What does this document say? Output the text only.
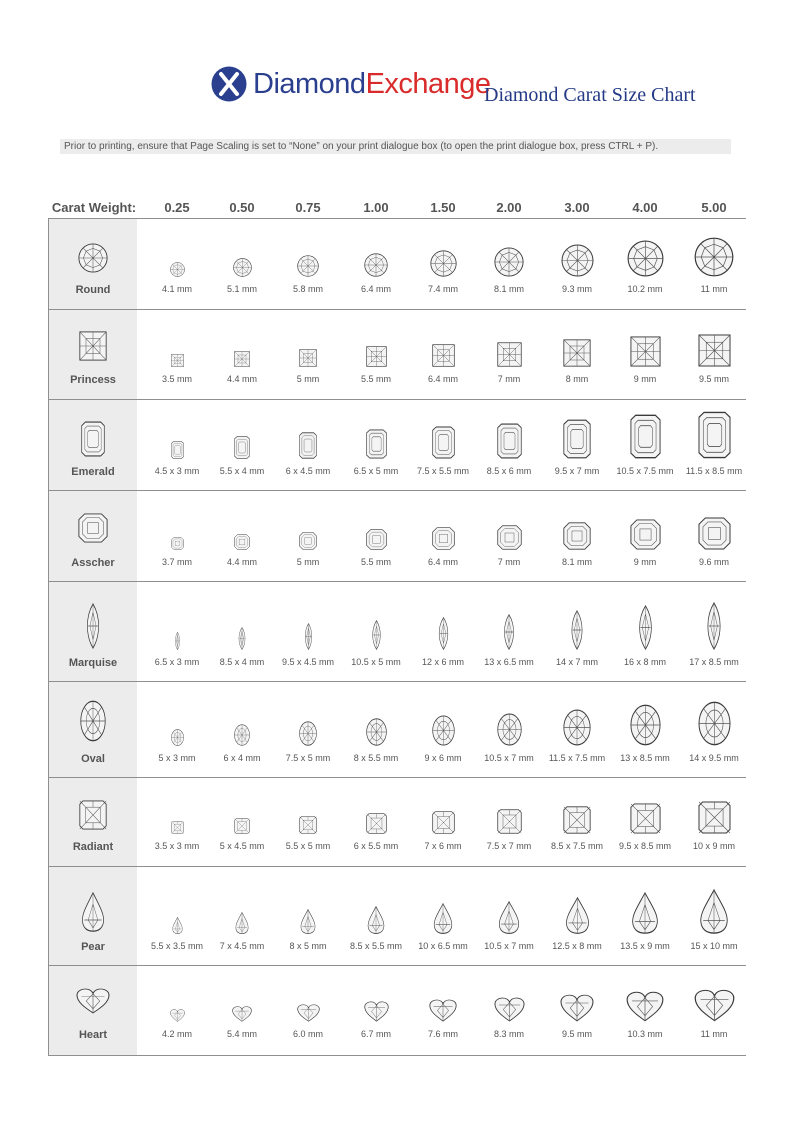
DiamondExchange
Diamond Carat Size Chart
Prior to printing, ensure that Page Scaling is set to “None” on your print dialogue box (to open the print dialogue box, press CTRL + P).
Carat Weight:	0.25	0.50	0.75	1.00	1.50	2.00	3.00	4.00	5.00
Round	4.1 mm	5.1 mm	5.8 mm	6.4 mm	7.4 mm	8.1 mm	9.3 mm	10.2 mm	11 mm
Princess	3.5 mm	4.4 mm	5 mm	5.5 mm	6.4 mm	7 mm	8 mm	9 mm	9.5 mm
Emerald	4.5 x 3 mm	5.5 x 4 mm	6 x 4.5 mm	6.5 x 5 mm	7.5 x 5.5 mm	8.5 x 6 mm	9.5 x 7 mm	10.5 x 7.5 mm	11.5 x 8.5 mm
Asscher	3.7 mm	4.4 mm	5 mm	5.5 mm	6.4 mm	7 mm	8.1 mm	9 mm	9.6 mm
Marquise	6.5 x 3 mm	8.5 x 4 mm	9.5 x 4.5 mm	10.5 x 5 mm	12 x 6 mm	13 x 6.5 mm	14 x 7 mm	16 x 8 mm	17 x 8.5 mm
Oval	5 x 3 mm	6 x 4 mm	7.5 x 5 mm	8 x 5.5 mm	9 x 6 mm	10.5 x 7 mm	11.5 x 7.5 mm	13 x 8.5 mm	14 x 9.5 mm
Radiant	3.5 x 3 mm	5 x 4.5 mm	5.5 x 5 mm	6 x 5.5 mm	7 x 6 mm	7.5 x 7 mm	8.5 x 7.5 mm	9.5 x 8.5 mm	10 x 9 mm
Pear	5.5 x 3.5 mm	7 x 4.5 mm	8 x 5 mm	8.5 x 5.5 mm	10 x 6.5 mm	10.5 x 7 mm	12.5 x 8 mm	13.5 x 9 mm	15 x 10 mm
Heart	4.2 mm	5.4 mm	6.0 mm	6.7 mm	7.6 mm	8.3 mm	9.5 mm	10.3 mm	11 mm
